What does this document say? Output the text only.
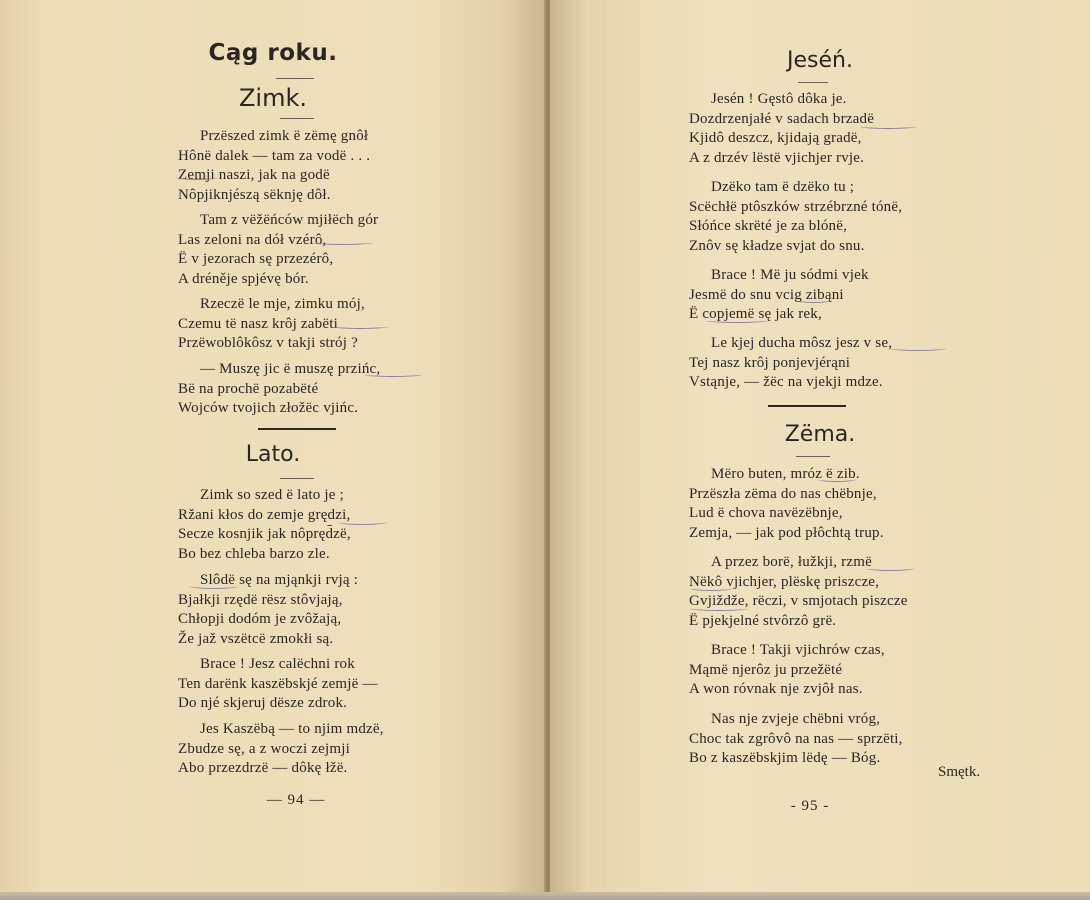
Cąg roku.
Zimk.
Przëszed zimk ë zëmę gnôł
Hônë dalek — tam za vodë . . .
Zemji naszi, jak na godë
Nôpjiknjészą sëknję dôł.
Tam z vëžëńców mjiłëch gór
Las zeloni na dół vzérô,
Ë v jezorach sę przezérô,
A dréněje spjévę bór.
Rzeczë le mje, zimku mój,
Czemu të nasz krôj zabëti
Przëwoblôkôsz v takji strój ?
— Muszę jic ë muszę przińc,
Bë na prochë pozabëté
Wojców tvojich złožëc vjińc.
Lato.
Zimk so szed ë lato je ;
Ržani kłos do zemje grędzi,
Secze kosnjik jak nôpręd̄zë,
Bo bez chleba barzo zle.
Slôdë sę na mjąnkji rvją :
Bjałkji rzędë rësz stôvjają,
Chłopji dodóm je zvôžają,
Že jaž vszëtcë zmokłi są.
Brace ! Jesz calëchni rok
Ten darënk kaszëbskjé zemjë —
Do njé skjeruj dësze zdrok.
Jes Kaszëbą — to njim mdzë,
Zbudze sę, a z woczi zejmji
Abo przezdrzë — dôkę łžë.
— 94 —
Jeséń.
Jesén ! Gęstô dôka je.
Dozdrzenjałé v sadach brzadë
Kjidô deszcz, kjidają gradë,
A z drzév lëstë vjichjer rvje.
Dzëko tam ë dzëko tu ;
Scëchłë ptôszków strzébrzné tónë,
Słóńce skrëté je za blónë,
Znôv sę kładze svjat do snu.
Brace ! Më ju sódmi vjek
Jesmë do snu vcig zibąni
Ë copjemë sę jak rek,
Le kjej ducha môsz jesz v se,
Tej nasz krôj ponjevjérąni
Vstąnje, — žëc na vjekji mdze.
Zëma.
Mëro buten, mróz ë zib.
Przëszła zëma do nas chëbnje,
Lud ë chova navëzëbnje,
Zemja, — jak pod płôchtą trup.
A przez borë, łužkji, rzmë
Nëkô vjichjer, plëskę priszcze,
Gvjiždže, rëczi, v smjotach piszcze
Ë pjekjelné stvôrzô grë.
Brace ! Takji vjichrów czas,
Mąmë njerôz ju przežëté
A won róvnak nje zvjôł nas.
Nas nje zvjeje chëbni vróg,
Choc tak zgrôvô na nas — sprzëti,
Bo z kaszëbskjim lëdę — Bóg.
Smętk.
- 95 -
